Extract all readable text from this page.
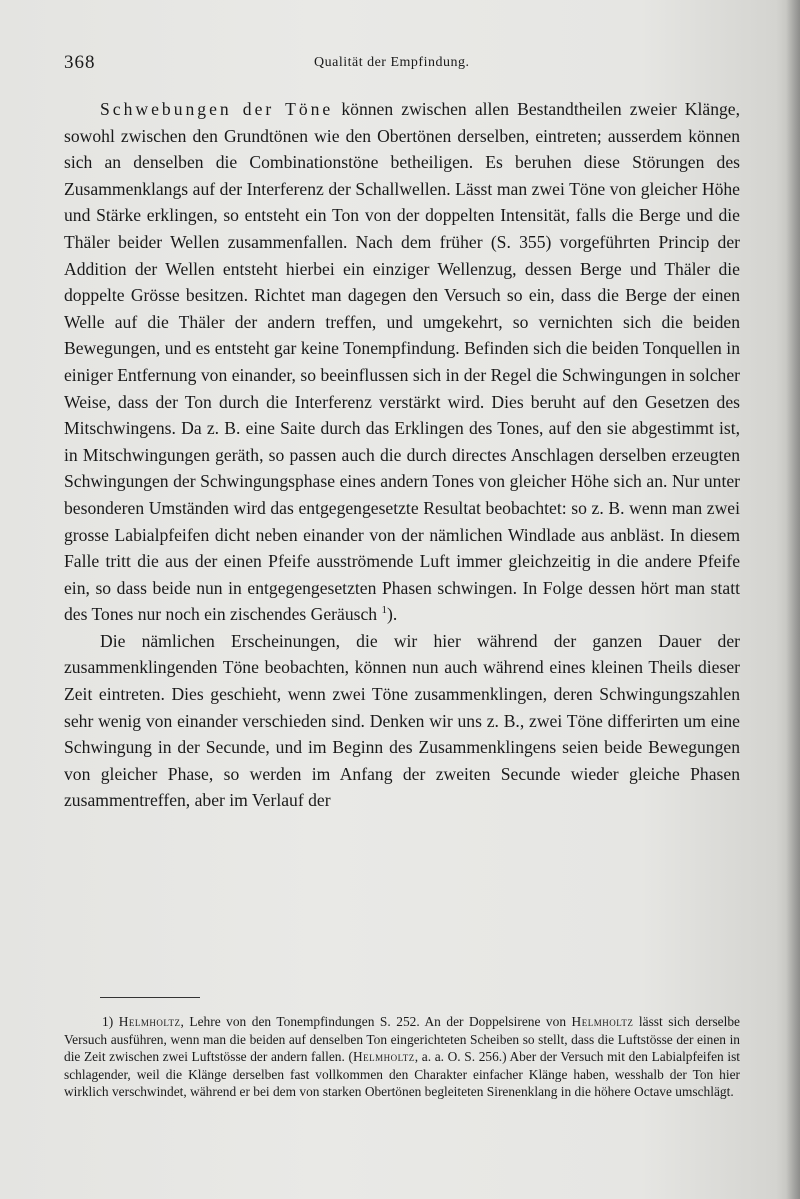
368	Qualität der Empfindung.

Schwebungen der Töne können zwischen allen Bestandtheilen zweier Klänge, sowohl zwischen den Grundtönen wie den Obertönen derselben, eintreten; ausserdem können sich an denselben die Combinationstöne betheiligen. Es beruhen diese Störungen des Zusammenklangs auf der Interferenz der Schallwellen. Lässt man zwei Töne von gleicher Höhe und Stärke erklingen, so entsteht ein Ton von der doppelten Intensität, falls die Berge und die Thäler beider Wellen zusammenfallen. Nach dem früher (S. 355) vorgeführten Princip der Addition der Wellen entsteht hierbei ein einziger Wellenzug, dessen Berge und Thäler die doppelte Grösse besitzen. Richtet man dagegen den Versuch so ein, dass die Berge der einen Welle auf die Thäler der andern treffen, und umgekehrt, so vernichten sich die beiden Bewegungen, und es entsteht gar keine Tonempfindung. Befinden sich die beiden Tonquellen in einiger Entfernung von einander, so beeinflussen sich in der Regel die Schwingungen in solcher Weise, dass der Ton durch die Interferenz verstärkt wird. Dies beruht auf den Gesetzen des Mitschwingens. Da z. B. eine Saite durch das Erklingen des Tones, auf den sie abgestimmt ist, in Mitschwingungen geräth, so passen auch die durch directes Anschlagen derselben erzeugten Schwingungen der Schwingungsphase eines andern Tones von gleicher Höhe sich an. Nur unter besonderen Umständen wird das entgegengesetzte Resultat beobachtet: so z. B. wenn man zwei grosse Labialpfeifen dicht neben einander von der nämlichen Windlade aus anbläst. In diesem Falle tritt die aus der einen Pfeife ausströmende Luft immer gleichzeitig in die andere Pfeife ein, so dass beide nun in entgegengesetzten Phasen schwingen. In Folge dessen hört man statt des Tones nur noch ein zischendes Geräusch $^1$).

Die nämlichen Erscheinungen, die wir hier während der ganzen Dauer der zusammenklingenden Töne beobachten, können nun auch während eines kleinen Theils dieser Zeit eintreten. Dies geschieht, wenn zwei Töne zusammenklingen, deren Schwingungszahlen sehr wenig von einander verschieden sind. Denken wir uns z. B., zwei Töne differirten um eine Schwingung in der Secunde, und im Beginn des Zusammenklingens seien beide Bewegungen von gleicher Phase, so werden im Anfang der zweiten Secunde wieder gleiche Phasen zusammentreffen, aber im Verlauf der

1) Helmholtz, Lehre von den Tonempfindungen S. 252. An der Doppelsirene von Helmholtz lässt sich derselbe Versuch ausführen, wenn man die beiden auf denselben Ton eingerichteten Scheiben so stellt, dass die Luftstösse der einen in die Zeit zwischen zwei Luftstösse der andern fallen. (Helmholtz, a. a. O. S. 256.) Aber der Versuch mit den Labialpfeifen ist schlagender, weil die Klänge derselben fast vollkommen den Charakter einfacher Klänge haben, wesshalb der Ton hier wirklich verschwindet, während er bei dem von starken Obertönen begleiteten Sirenenklang in die höhere Octave umschlägt.
